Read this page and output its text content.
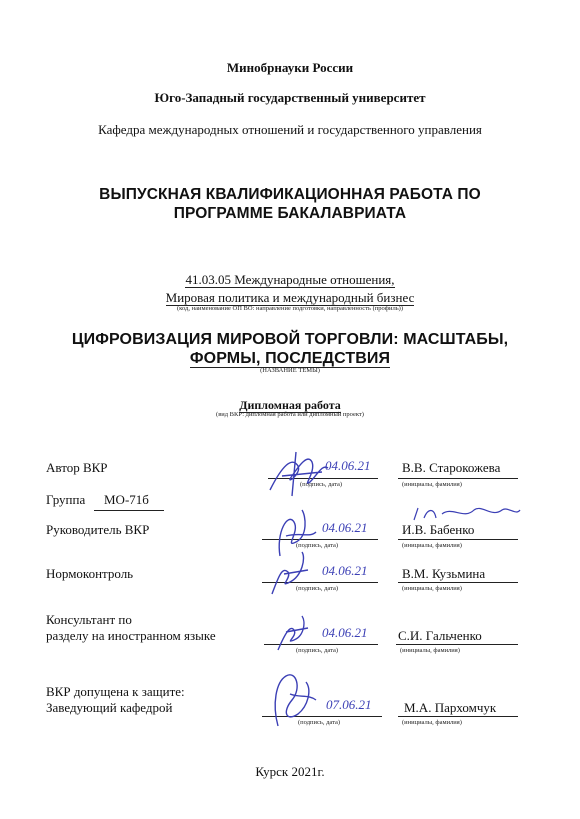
Минобрнауки России
Юго-Западный государственный университет
Кафедра международных отношений и государственного управления
ВЫПУСКНАЯ КВАЛИФИКАЦИОННАЯ РАБОТА ПО
ПРОГРАММЕ БАКАЛАВРИАТА
41.03.05 Международные отношения,
Мировая политика и международный бизнес
(код, наименование ОП ВО: направление подготовки, направленность (профиль))
ЦИФРОВИЗАЦИЯ МИРОВОЙ ТОРГОВЛИ: МАСШТАБЫ,
ФОРМЫ, ПОСЛЕДСТВИЯ
(НАЗВАНИЕ ТЕМЫ)
Дипломная работа
(вид ВКР: дипломная работа или дипломный проект)
Автор ВКР	04.06.21
(подпись, дата)
В.В. Старокожева
(инициалы, фамилия)
Группа МО-71б
Руководитель ВКР	04.06.21
(подпись, дата)
И.В. Бабенко
(инициалы, фамилия)
Нормоконтроль	04.06.21
(подпись, дата)
В.М. Кузьмина
(инициалы, фамилия)
Консультант по
разделу на иностранном языке	04.06.21
(подпись, дата)
С.И. Гальченко
(инициалы, фамилия)
ВКР допущена к защите:
Заведующий кафедрой	07.06.21
(подпись, дата)
М.А. Пархомчук
(инициалы, фамилия)
Курск 2021г.
